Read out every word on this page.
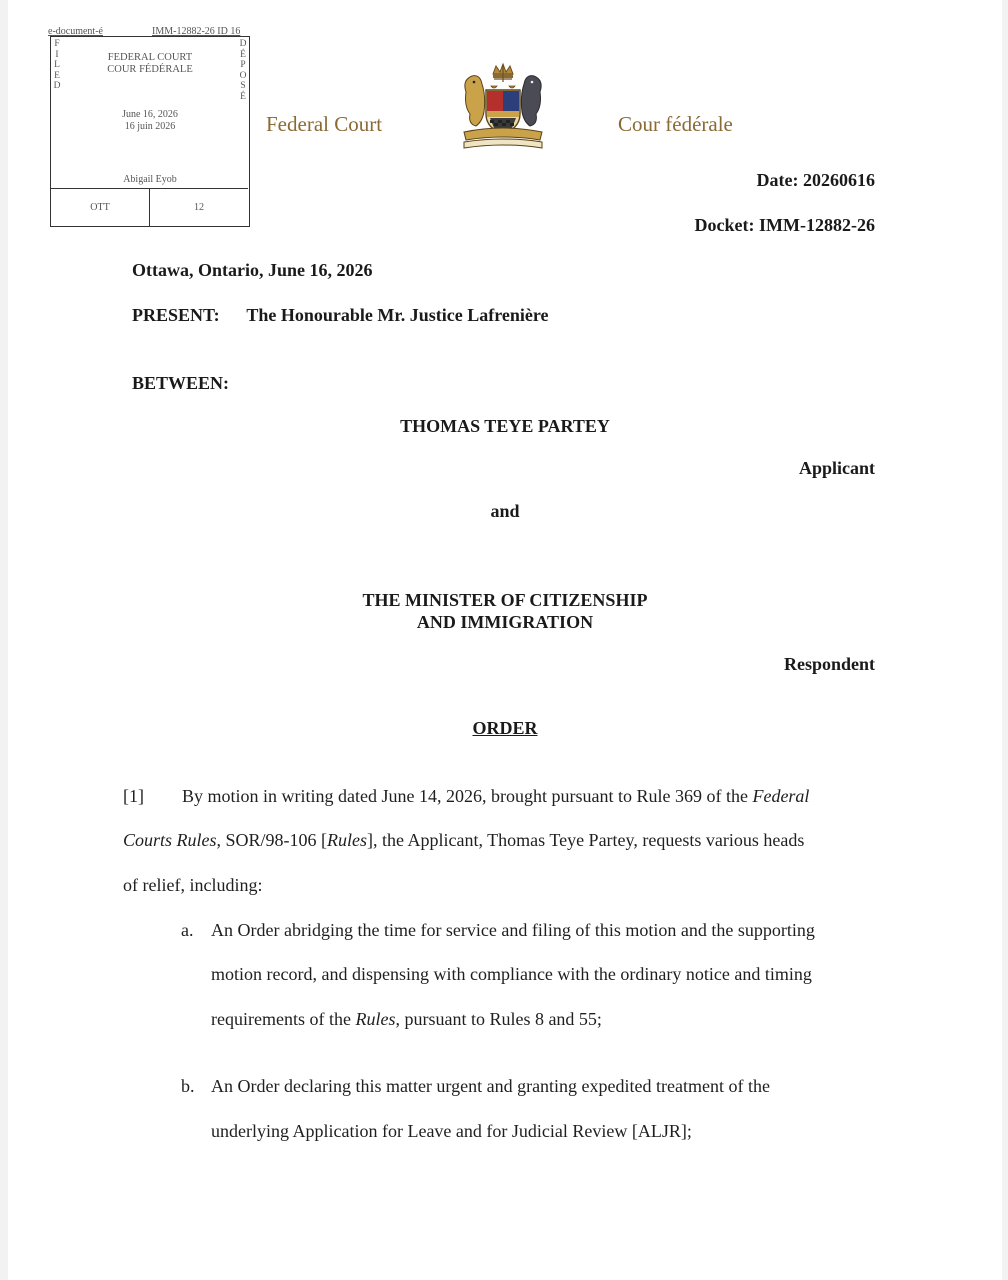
e-document-é	IMM-12882-26 ID 16
F
I
L
E
D
D
É
P
O
S
É
FEDERAL COURT
COUR FÉDÉRALE
June 16, 2026
16 juin 2026
Abigail Eyob
OTT	12
Federal Court	Cour fédérale
Date: 20260616
Docket: IMM-12882-26
Ottawa, Ontario, June 16, 2026
PRESENT: The Honourable Mr. Justice Lafrenière
BETWEEN:
THOMAS TEYE PARTEY
Applicant
and
THE MINISTER OF CITIZENSHIP
AND IMMIGRATION
Respondent
ORDER
[1] By motion in writing dated June 14, 2026, brought pursuant to Rule 369 of the Federal
Courts Rules, SOR/98-106 [Rules], the Applicant, Thomas Teye Partey, requests various heads
of relief, including:
a. An Order abridging the time for service and filing of this motion and the supporting
motion record, and dispensing with compliance with the ordinary notice and timing
requirements of the Rules, pursuant to Rules 8 and 55;
b. An Order declaring this matter urgent and granting expedited treatment of the
underlying Application for Leave and for Judicial Review [ALJR];
